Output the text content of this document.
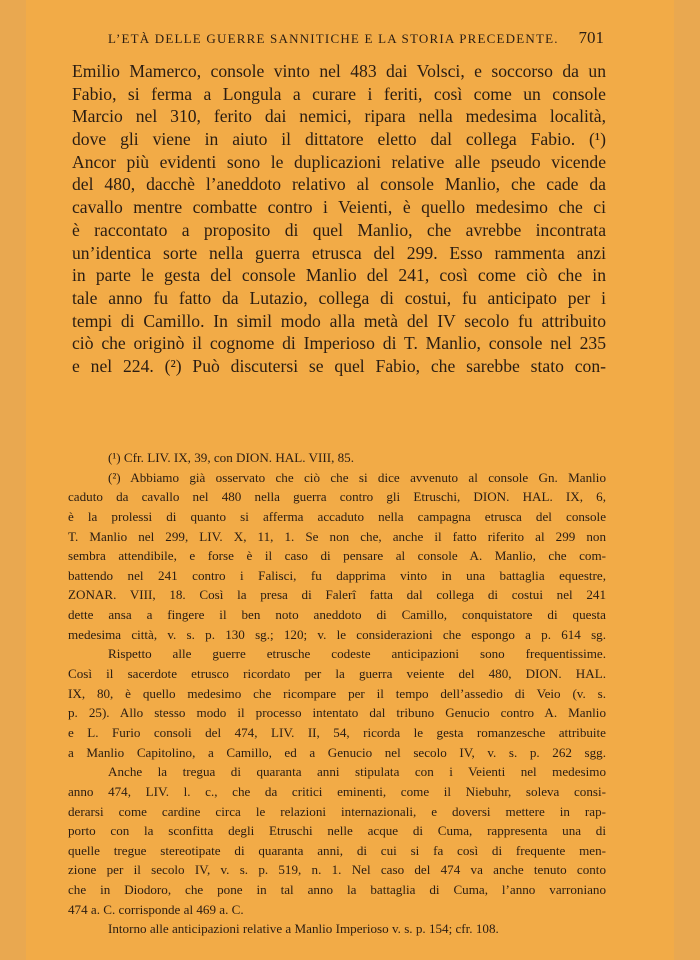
L’ETÀ DELLE GUERRE SANNITICHE E LA STORIA PRECEDENTE. 701
Emilio Mamerco, console vinto nel 483 dai Volsci, e soccorso da un
Fabio, si ferma a Longula a curare i feriti, così come un console
Marcio nel 310, ferito dai nemici, ripara nella medesima località,
dove gli viene in aiuto il dittatore eletto dal collega Fabio. (¹)
Ancor più evidenti sono le duplicazioni relative alle pseudo vicende
del 480, dacchè l’aneddoto relativo al console Manlio, che cade da
cavallo mentre combatte contro i Veienti, è quello medesimo che ci
è raccontato a proposito di quel Manlio, che avrebbe incontrata
un’identica sorte nella guerra etrusca del 299. Esso rammenta anzi
in parte le gesta del console Manlio del 241, così come ciò che in
tale anno fu fatto da Lutazio, collega di costui, fu anticipato per i
tempi di Camillo. In simil modo alla metà del IV secolo fu attribuito
ciò che originò il cognome di Imperioso di T. Manlio, console nel 235
e nel 224. (²) Può discutersi se quel Fabio, che sarebbe stato con-
(¹) Cfr. LIV. IX, 39, con DION. HAL. VIII, 85.
(²) Abbiamo già osservato che ciò che si dice avvenuto al console Gn. Manlio
caduto da cavallo nel 480 nella guerra contro gli Etruschi, DION. HAL. IX, 6,
è la prolessi di quanto si afferma accaduto nella campagna etrusca del console
T. Manlio nel 299, LIV. X, 11, 1. Se non che, anche il fatto riferito al 299 non
sembra attendibile, e forse è il caso di pensare al console A. Manlio, che com-
battendo nel 241 contro i Falisci, fu dapprima vinto in una battaglia equestre,
ZONAR. VIII, 18. Così la presa di Falerî fatta dal collega di costui nel 241
dette ansa a fingere il ben noto aneddoto di Camillo, conquistatore di questa
medesima città, v. s. p. 130 sg.; 120; v. le considerazioni che espongo a p. 614 sg.
Rispetto alle guerre etrusche codeste anticipazioni sono frequentissime.
Così il sacerdote etrusco ricordato per la guerra veiente del 480, DION. HAL.
IX, 80, è quello medesimo che ricompare per il tempo dell’assedio di Veio (v. s.
p. 25). Allo stesso modo il processo intentato dal tribuno Genucio contro A. Manlio
e L. Furio consoli del 474, LIV. II, 54, ricorda le gesta romanzesche attribuite
a Manlio Capitolino, a Camillo, ed a Genucio nel secolo IV, v. s. p. 262 sgg.
Anche la tregua di quaranta anni stipulata con i Veienti nel medesimo
anno 474, LIV. l. c., che da critici eminenti, come il Niebuhr, soleva consi-
derarsi come cardine circa le relazioni internazionali, e doversi mettere in rap-
porto con la sconfitta degli Etruschi nelle acque di Cuma, rappresenta una di
quelle tregue stereotipate di quaranta anni, di cui si fa così di frequente men-
zione per il secolo IV, v. s. p. 519, n. 1. Nel caso del 474 va anche tenuto conto
che in Diodoro, che pone in tal anno la battaglia di Cuma, l’anno varroniano
474 a. C. corrisponde al 469 a. C.
Intorno alle anticipazioni relative a Manlio Imperioso v. s. p. 154; cfr. 108.
